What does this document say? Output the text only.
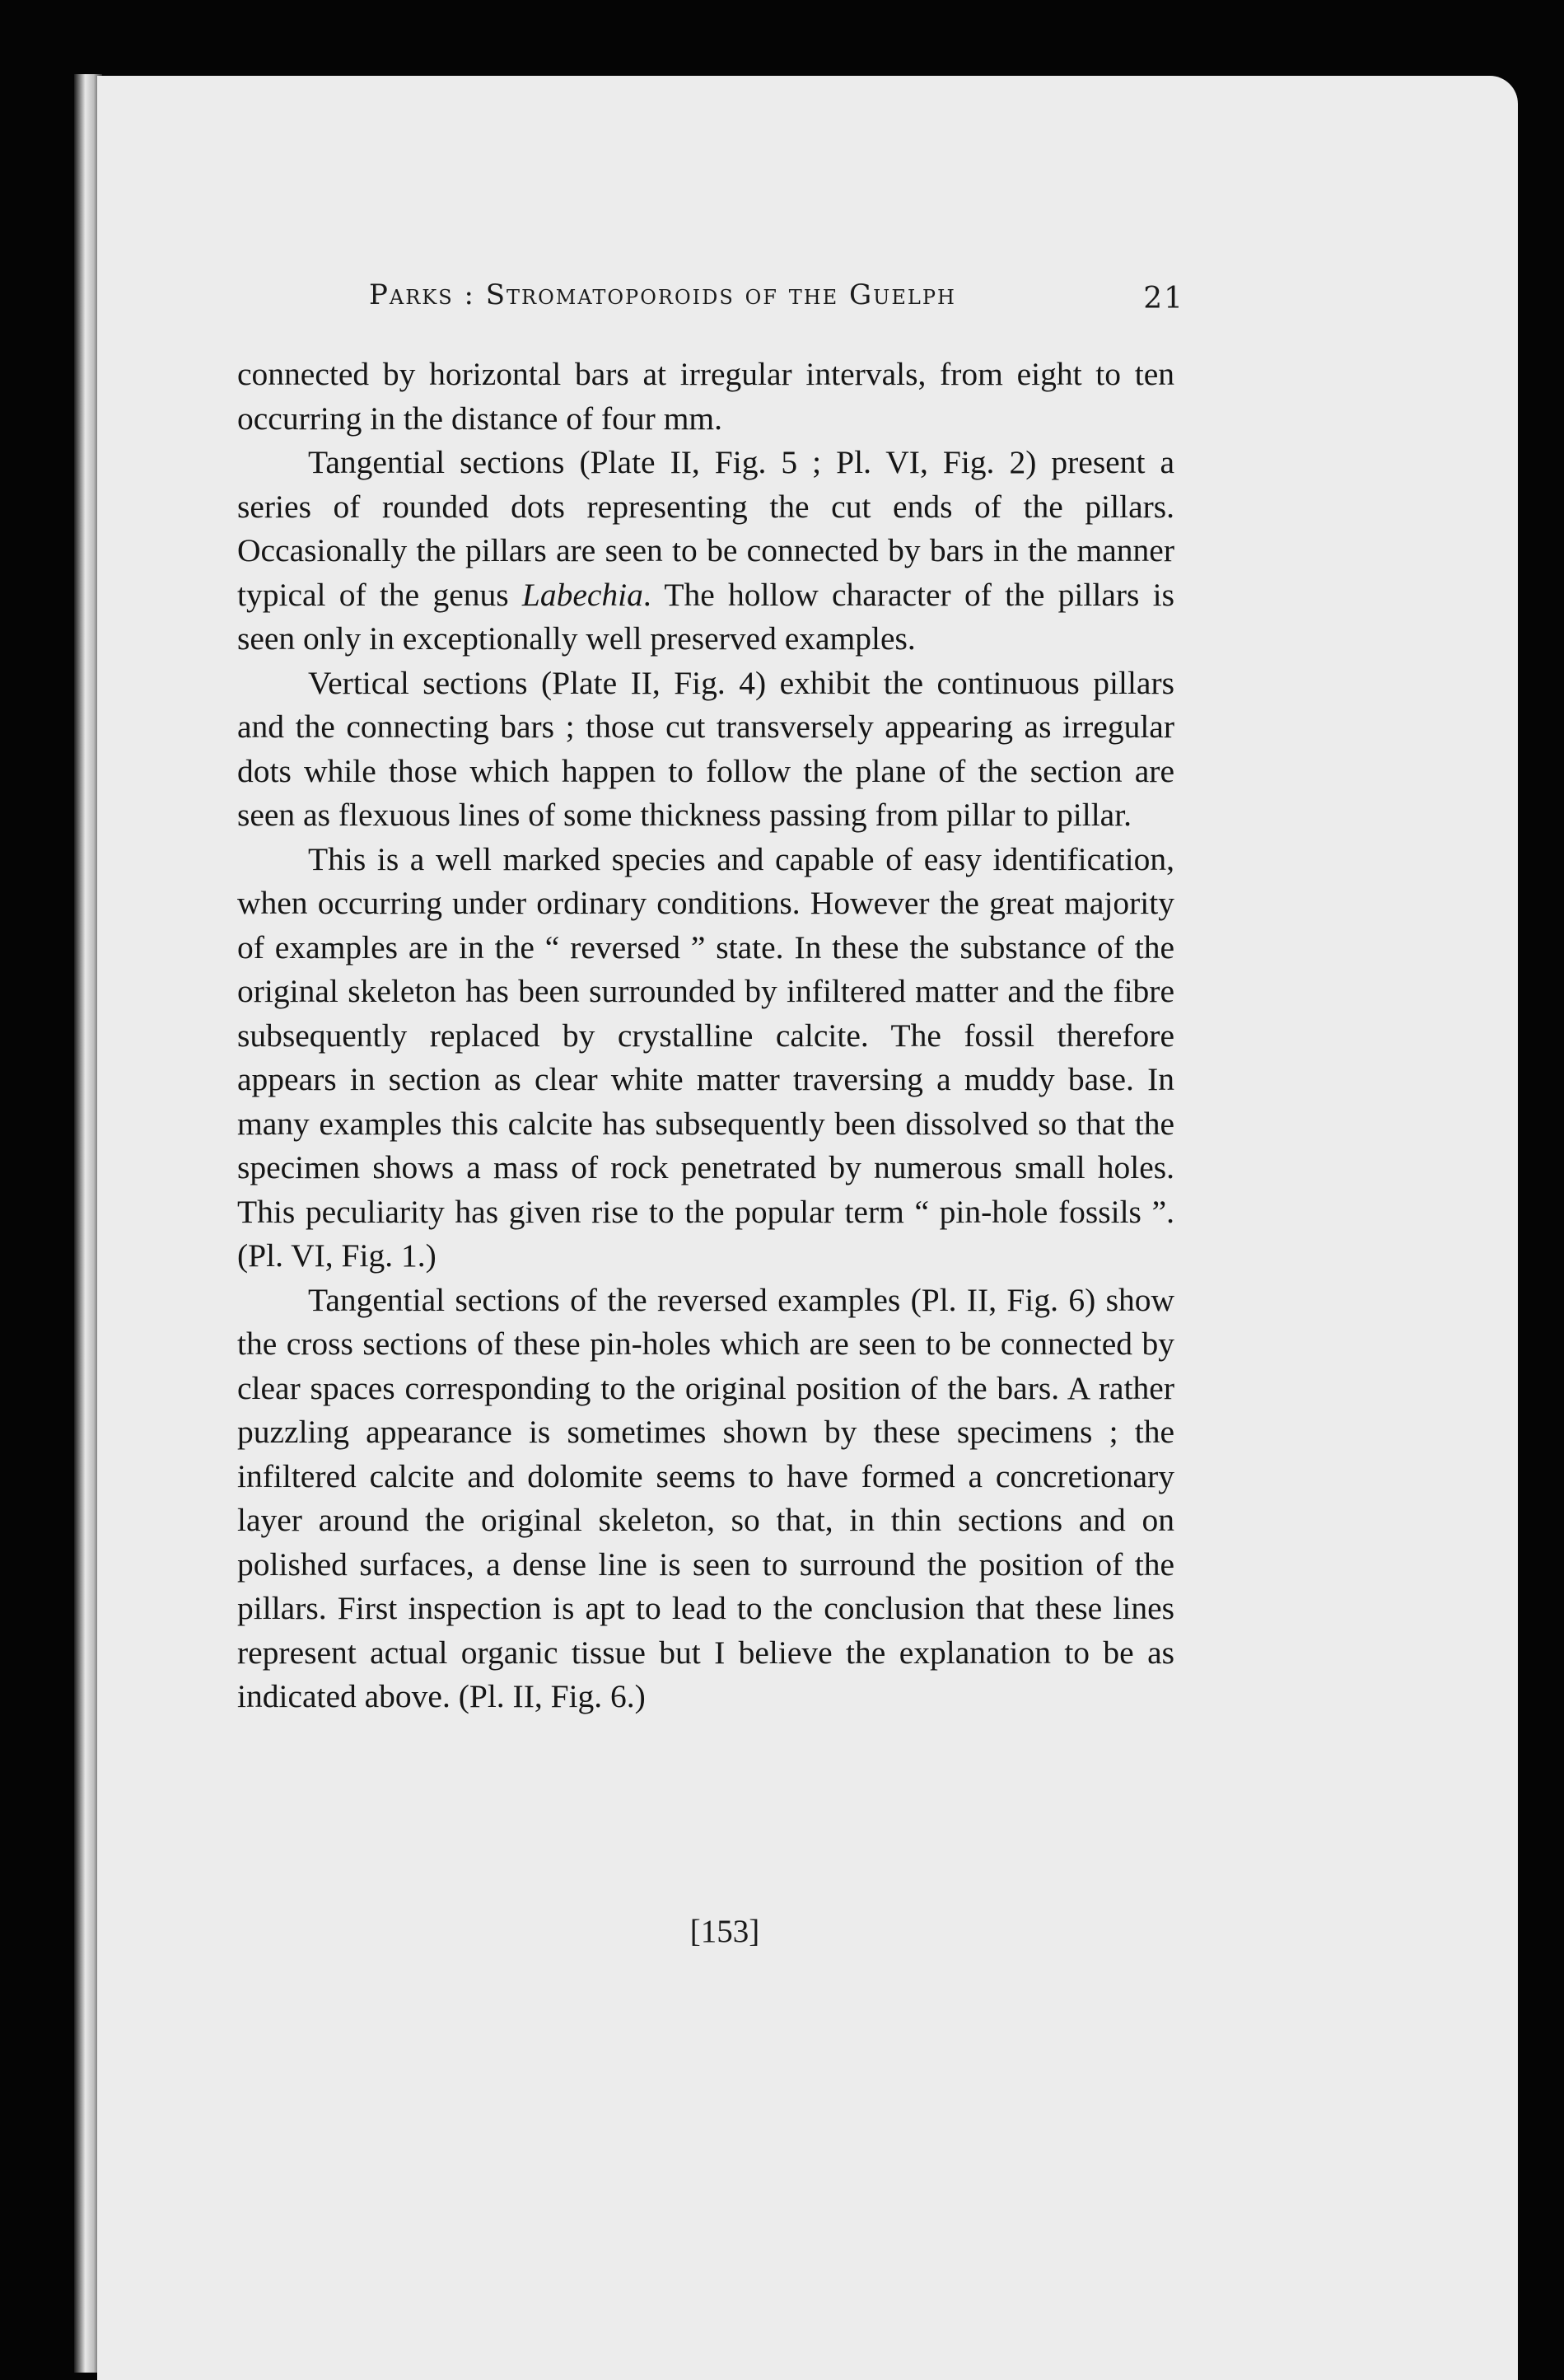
Parks : Stromatoporoids of the Guelph	21

connected by horizontal bars at irregular intervals, from eight to ten occurring in the distance of four mm.

Tangential sections (Plate II, Fig. 5 ; Pl. VI, Fig. 2) present a series of rounded dots representing the cut ends of the pillars. Occasionally the pillars are seen to be connected by bars in the manner typical of the genus Labechia. The hollow character of the pillars is seen only in exceptionally well preserved examples.

Vertical sections (Plate II, Fig. 4) exhibit the continuous pillars and the connecting bars ; those cut transversely appearing as irregular dots while those which happen to follow the plane of the section are seen as flexuous lines of some thickness passing from pillar to pillar.

This is a well marked species and capable of easy identification, when occurring under ordinary conditions. However the great majority of examples are in the “ reversed ” state. In these the substance of the original skeleton has been surrounded by infiltered matter and the fibre subsequently replaced by crystalline calcite. The fossil therefore appears in section as clear white matter traversing a muddy base. In many examples this calcite has subsequently been dissolved so that the specimen shows a mass of rock penetrated by numerous small holes. This peculiarity has given rise to the popular term “ pin-hole fossils ”. (Pl. VI, Fig. 1.)

Tangential sections of the reversed examples (Pl. II, Fig. 6) show the cross sections of these pin-holes which are seen to be connected by clear spaces corresponding to the original position of the bars. A rather puzzling appearance is sometimes shown by these specimens ; the infiltered calcite and dolomite seems to have formed a concretionary layer around the original skeleton, so that, in thin sections and on polished surfaces, a dense line is seen to surround the position of the pillars. First inspection is apt to lead to the conclusion that these lines represent actual organic tissue but I believe the explanation to be as indicated above. (Pl. II, Fig. 6.)

[153]
